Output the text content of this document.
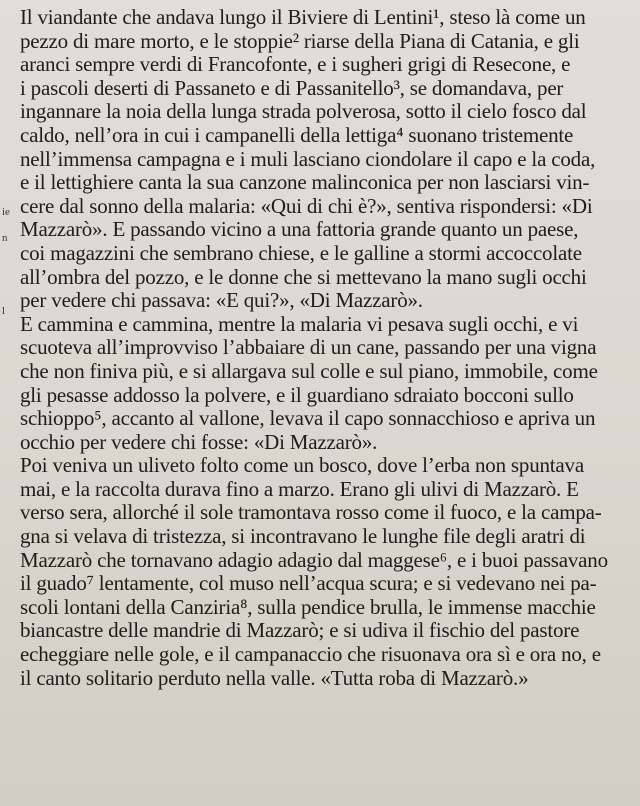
ie
n
l
Il viandante che andava lungo il Biviere di Lentini¹, steso là come un
pezzo di mare morto, e le stoppie² riarse della Piana di Catania, e gli
aranci sempre verdi di Francofonte, e i sugheri grigi di Resecone, e
i pascoli deserti di Passaneto e di Passanitello³, se domandava, per
ingannare la noia della lunga strada polverosa, sotto il cielo fosco dal
caldo, nell’ora in cui i campanelli della lettiga⁴ suonano tristemente
nell’immensa campagna e i muli lasciano ciondolare il capo e la coda,
e il lettighiere canta la sua canzone malinconica per non lasciarsi vin-
cere dal sonno della malaria: «Qui di chi è?», sentiva rispondersi: «Di
Mazzarò». E passando vicino a una fattoria grande quanto un paese,
coi magazzini che sembrano chiese, e le galline a stormi accoccolate
all’ombra del pozzo, e le donne che si mettevano la mano sugli occhi
per vedere chi passava: «E qui?», «Di Mazzarò».
E cammina e cammina, mentre la malaria vi pesava sugli occhi, e vi
scuoteva all’improvviso l’abbaiare di un cane, passando per una vigna
che non finiva più, e si allargava sul colle e sul piano, immobile, come
gli pesasse addosso la polvere, e il guardiano sdraiato bocconi sullo
schioppo⁵, accanto al vallone, levava il capo sonnacchioso e apriva un
occhio per vedere chi fosse: «Di Mazzarò».
Poi veniva un uliveto folto come un bosco, dove l’erba non spuntava
mai, e la raccolta durava fino a marzo. Erano gli ulivi di Mazzarò. E
verso sera, allorché il sole tramontava rosso come il fuoco, e la campa-
gna si velava di tristezza, si incontravano le lunghe file degli aratri di
Mazzarò che tornavano adagio adagio dal maggese⁶, e i buoi passavano
il guado⁷ lentamente, col muso nell’acqua scura; e si vedevano nei pa-
scoli lontani della Canziria⁸, sulla pendice brulla, le immense macchie
biancastre delle mandrie di Mazzarò; e si udiva il fischio del pastore
echeggiare nelle gole, e il campanaccio che risuonava ora sì e ora no, e
il canto solitario perduto nella valle. «Tutta roba di Mazzarò.»
